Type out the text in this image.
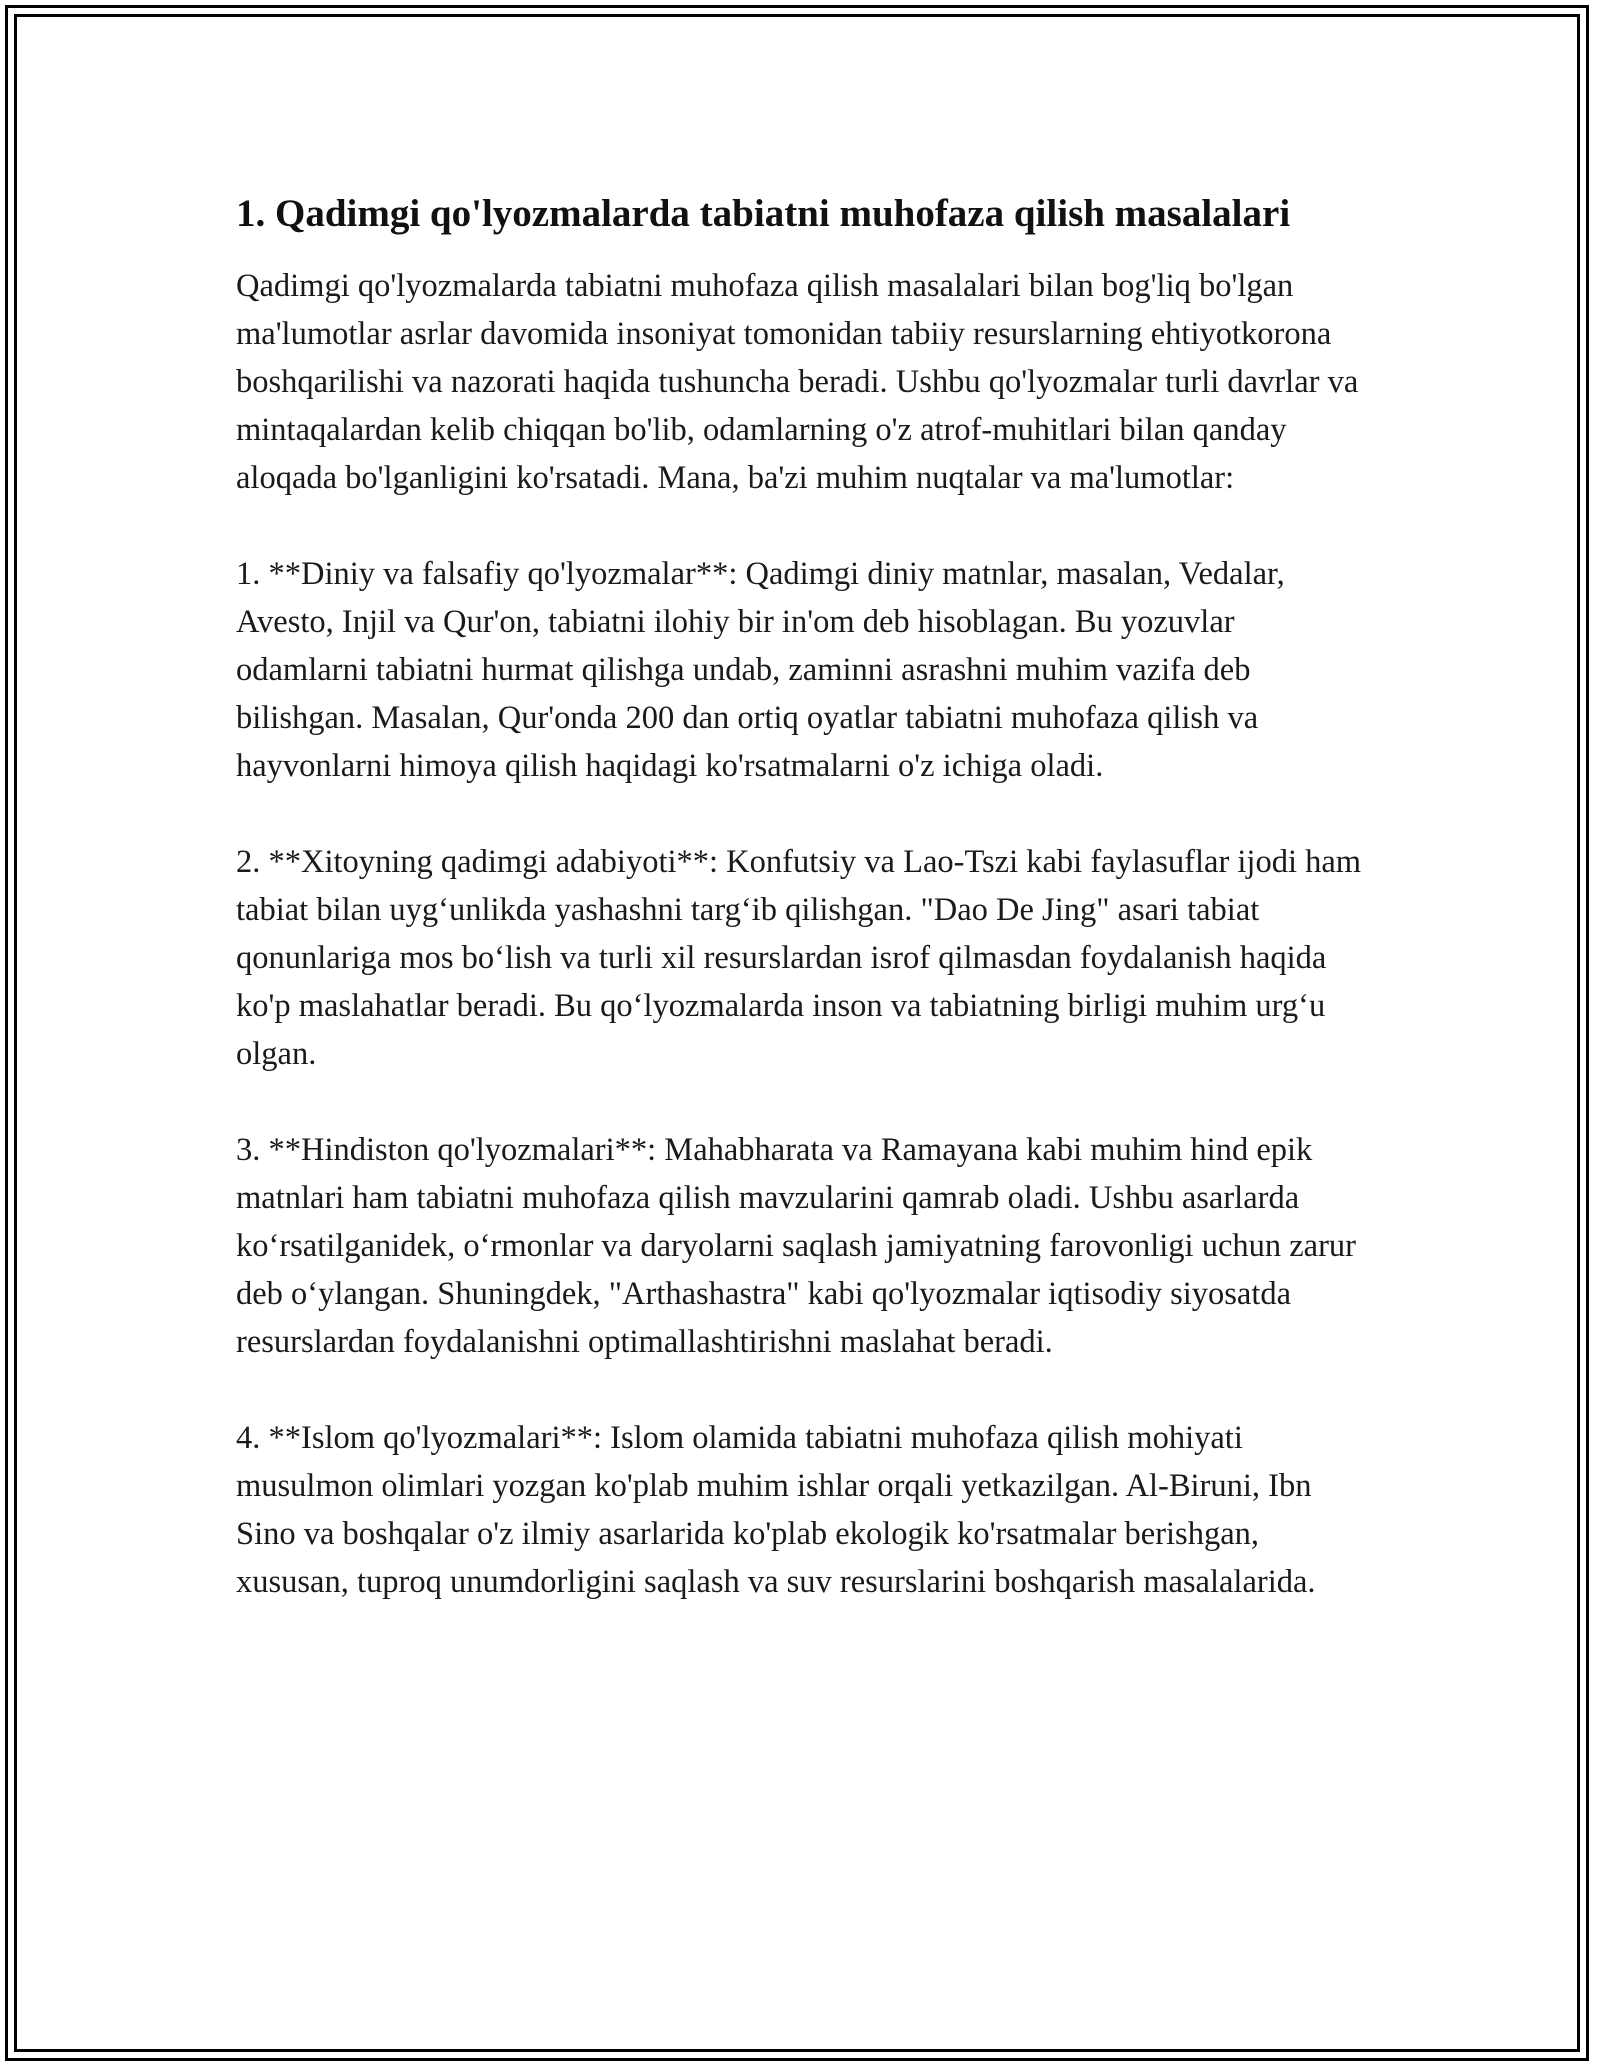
1. Qadimgi qo'lyozmalarda tabiatni muhofaza qilish masalalari

Qadimgi qo'lyozmalarda tabiatni muhofaza qilish masalalari bilan bog'liq bo'lgan ma'lumotlar asrlar davomida insoniyat tomonidan tabiiy resurslarning ehtiyotkorona boshqarilishi va nazorati haqida tushuncha beradi. Ushbu qo'lyozmalar turli davrlar va mintaqalardan kelib chiqqan bo'lib, odamlarning o'z atrof-muhitlari bilan qanday aloqada bo'lganligini ko'rsatadi. Mana, ba'zi muhim nuqtalar va ma'lumotlar:

1. **Diniy va falsafiy qo'lyozmalar**: Qadimgi diniy matnlar, masalan, Vedalar, Avesto, Injil va Qur'on, tabiatni ilohiy bir in'om deb hisoblagan. Bu yozuvlar odamlarni tabiatni hurmat qilishga undab, zaminni asrashni muhim vazifa deb bilishgan. Masalan, Qur'onda 200 dan ortiq oyatlar tabiatni muhofaza qilish va hayvonlarni himoya qilish haqidagi ko'rsatmalarni o'z ichiga oladi.

2. **Xitoyning qadimgi adabiyoti**: Konfutsiy va Lao-Tszi kabi faylasuflar ijodi ham tabiat bilan uyg‘unlikda yashashni targ‘ib qilishgan. "Dao De Jing" asari tabiat qonunlariga mos bo‘lish va turli xil resurslardan isrof qilmasdan foydalanish haqida ko'p maslahatlar beradi. Bu qo‘lyozmalarda inson va tabiatning birligi muhim urg‘u olgan.

3. **Hindiston qo'lyozmalari**: Mahabharata va Ramayana kabi muhim hind epik matnlari ham tabiatni muhofaza qilish mavzularini qamrab oladi. Ushbu asarlarda ko‘rsatilganidek, o‘rmonlar va daryolarni saqlash jamiyatning farovonligi uchun zarur deb o‘ylangan. Shuningdek, "Arthashastra" kabi qo'lyozmalar iqtisodiy siyosatda resurslardan foydalanishni optimallashtirishni maslahat beradi.

4. **Islom qo'lyozmalari**: Islom olamida tabiatni muhofaza qilish mohiyati musulmon olimlari yozgan ko'plab muhim ishlar orqali yetkazilgan. Al-Biruni, Ibn Sino va boshqalar o'z ilmiy asarlarida ko'plab ekologik ko'rsatmalar berishgan, xususan, tuproq unumdorligini saqlash va suv resurslarini boshqarish masalalarida.
